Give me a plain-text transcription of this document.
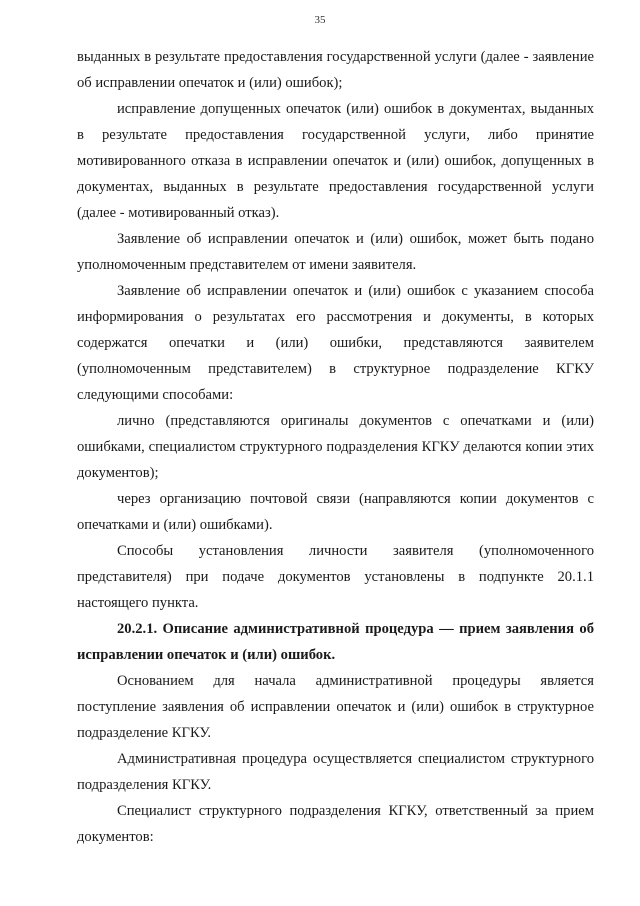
35

выданных в результате предоставления государственной услуги (далее - заявление об исправлении опечаток и (или) ошибок);

исправление допущенных опечаток (или) ошибок в документах, выданных в результате предоставления государственной услуги, либо принятие мотивированного отказа в исправлении опечаток и (или) ошибок, допущенных в документах, выданных в результате предоставления государственной услуги (далее - мотивированный отказ).

Заявление об исправлении опечаток и (или) ошибок, может быть подано уполномоченным представителем от имени заявителя.

Заявление об исправлении опечаток и (или) ошибок с указанием способа информирования о результатах его рассмотрения и документы, в которых содержатся опечатки и (или) ошибки, представляются заявителем (уполномоченным представителем) в структурное подразделение КГКУ следующими способами:

лично (представляются оригиналы документов с опечатками и (или) ошибками, специалистом структурного подразделения КГКУ делаются копии этих документов);

через организацию почтовой связи (направляются копии документов с опечатками и (или) ошибками).

Способы установления личности заявителя (уполномоченного представителя) при подаче документов установлены в подпункте 20.1.1 настоящего пункта.

20.2.1. Описание административной процедура — прием заявления об исправлении опечаток и (или) ошибок.

Основанием для начала административной процедуры является поступление заявления об исправлении опечаток и (или) ошибок в структурное подразделение КГКУ.

Административная процедура осуществляется специалистом структурного подразделения КГКУ.

Специалист структурного подразделения КГКУ, ответственный за прием документов:
